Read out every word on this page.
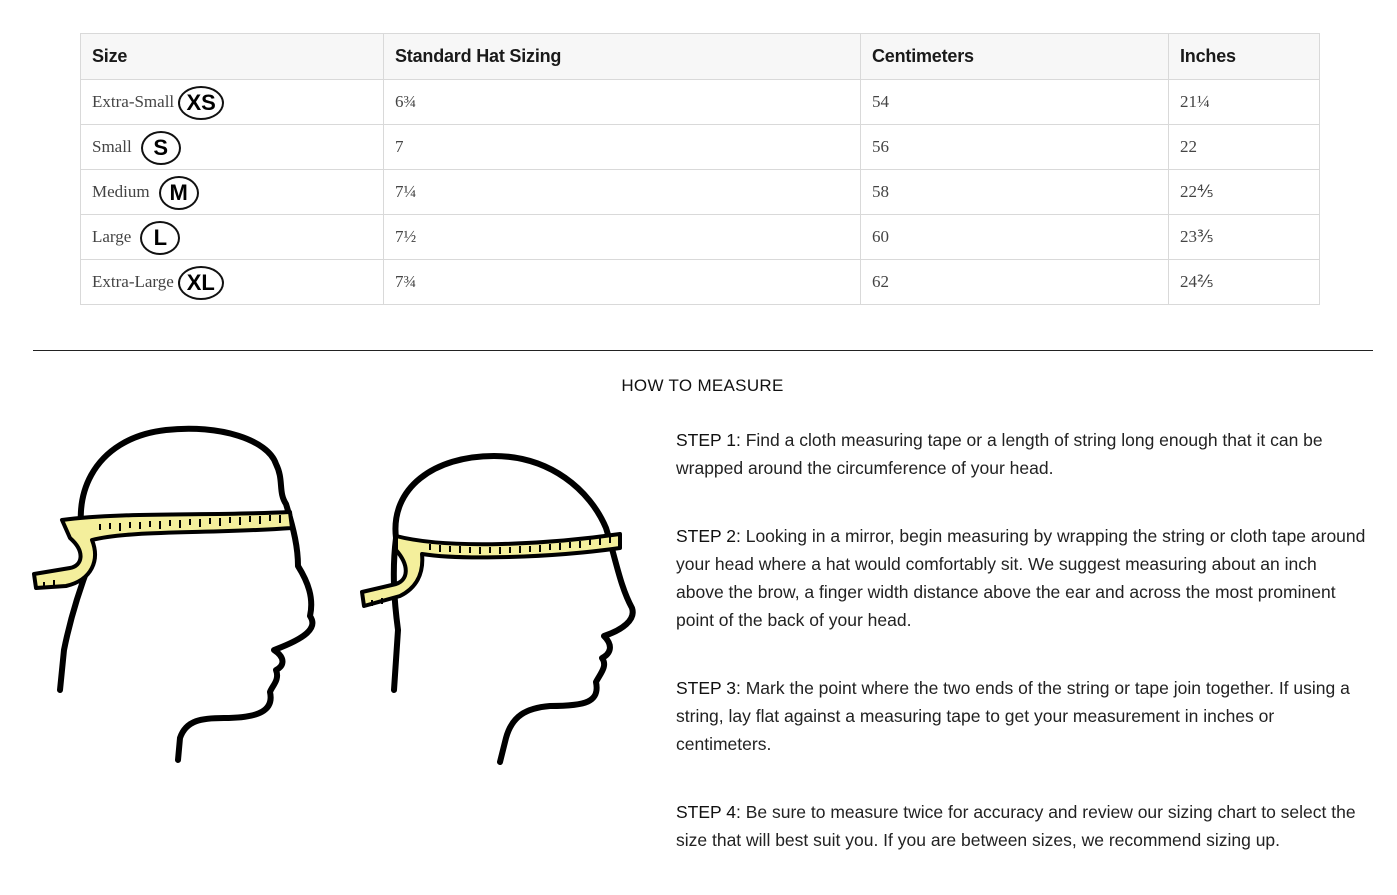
Size	Standard Hat Sizing	Centimeters	Inches

Extra-Small XS	6¾	54	21¼

Small S	7	56	22

Medium M	7¼	58	22⅘

Large L	7½	60	23⅗

Extra-Large XL	7¾	62	24⅖
HOW TO MEASURE

STEP 1: Find a cloth measuring tape or a length of string long enough that it can be wrapped around the circumference of your head.

STEP 2: Looking in a mirror, begin measuring by wrapping the string or cloth tape around your head where a hat would comfortably sit. We suggest measuring about an inch above the brow, a finger width distance above the ear and across the most prominent point of the back of your head.

STEP 3: Mark the point where the two ends of the string or tape join together. If using a string, lay flat against a measuring tape to get your measurement in inches or centimeters.

STEP 4: Be sure to measure twice for accuracy and review our sizing chart to select the size that will best suit you. If you are between sizes, we recommend sizing up.
